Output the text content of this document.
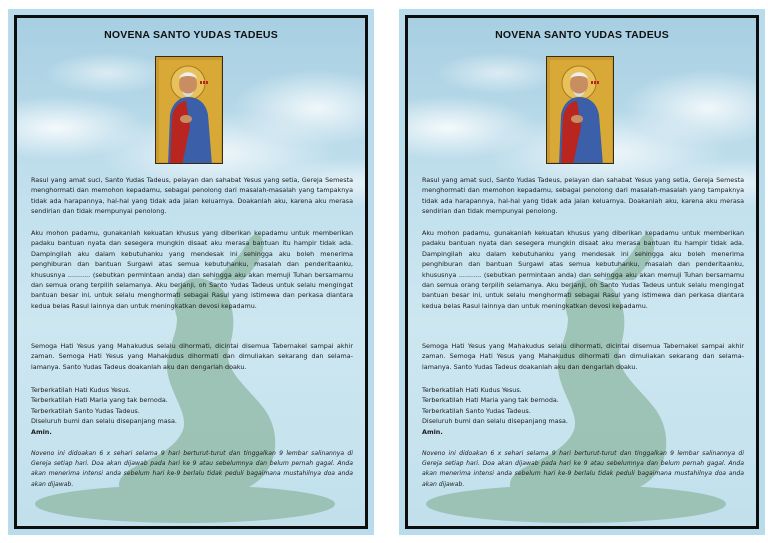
NOVENA SANTO YUDAS TADEUS
Rasul yang amat suci, Santo Yudas Tadeus, pelayan dan sahabat Yesus yang setia, Gereja Semesta menghormati dan memohon kepadamu, sebagai penolong dari masalah-masalah yang tampaknya tidak ada harapannya, hal-hal yang tidak ada jalan keluarnya. Doakanlah aku, karena aku merasa sendirian dan tidak mempunyai penolong.
Aku mohon padamu, gunakanlah kekuatan khusus yang diberikan kepadamu untuk memberikan padaku bantuan nyata dan sesegera mungkin disaat aku merasa bantuan itu hampir tidak ada. Dampingilah aku dalam kebutuhanku yang mendesak ini sehingga aku boleh menerima penghiburan dan bantuan Surgawi atas semua kebutuhanku, masalah dan penderitaanku, khususnya ........... (sebutkan permintaan anda) dan sehingga aku akan memuji Tuhan bersamamu dan semua orang terpilih selamanya. Aku berjanji, oh Santo Yudas Tadeus untuk selalu mengingat bantuan besar ini, untuk selalu menghormati sebagai Rasul yang istimewa dan perkasa diantara kedua belas Rasul lainnya dan untuk meningkatkan devosi kepadamu.
Semoga Hati Yesus yang Mahakudus selalu dihormati, dicintai disemua Tabernakel sampai akhir zaman. Semoga Hati Yesus yang Mahakudus dihormati dan dimuliakan sekarang dan selama-lamanya. Santo Yudas Tadeus doakanlah aku dan dengarlah doaku.
Terberkatilah Hati Kudus Yesus.
Terberkatilah Hati Maria yang tak bernoda.
Terberkatilah Santo Yudas Tadeus.
Diseluruh bumi dan selalu disepanjang masa.
Amin.
Noveno ini didoakan 6 x sehari selama 9 hari berturut-turut dan tinggalkan 9 lembar salinannya di Gereja setiap hari. Doa akan dijawab pada hari ke 9 atau sebelumnya dan belum pernah gagal. Anda akan menerima intensi anda sebelum hari ke-9 berlalu tidak peduli bagaimana mustahilnya doa anda akan dijawab.
NOVENA SANTO YUDAS TADEUS
Rasul yang amat suci, Santo Yudas Tadeus, pelayan dan sahabat Yesus yang setia, Gereja Semesta menghormati dan memohon kepadamu, sebagai penolong dari masalah-masalah yang tampaknya tidak ada harapannya, hal-hal yang tidak ada jalan keluarnya. Doakanlah aku, karena aku merasa sendirian dan tidak mempunyai penolong.
Aku mohon padamu, gunakanlah kekuatan khusus yang diberikan kepadamu untuk memberikan padaku bantuan nyata dan sesegera mungkin disaat aku merasa bantuan itu hampir tidak ada. Dampingilah aku dalam kebutuhanku yang mendesak ini sehingga aku boleh menerima penghiburan dan bantuan Surgawi atas semua kebutuhanku, masalah dan penderitaanku, khususnya ........... (sebutkan permintaan anda) dan sehingga aku akan memuji Tuhan bersamamu dan semua orang terpilih selamanya. Aku berjanji, oh Santo Yudas Tadeus untuk selalu mengingat bantuan besar ini, untuk selalu menghormati sebagai Rasul yang istimewa dan perkasa diantara kedua belas Rasul lainnya dan untuk meningkatkan devosi kepadamu.
Semoga Hati Yesus yang Mahakudus selalu dihormati, dicintai disemua Tabernakel sampai akhir zaman. Semoga Hati Yesus yang Mahakudus dihormati dan dimuliakan sekarang dan selama-lamanya. Santo Yudas Tadeus doakanlah aku dan dengarlah doaku.
Terberkatilah Hati Kudus Yesus.
Terberkatilah Hati Maria yang tak bernoda.
Terberkatilah Santo Yudas Tadeus.
Diseluruh bumi dan selalu disepanjang masa.
Amin.
Noveno ini didoakan 6 x sehari selama 9 hari berturut-turut dan tinggalkan 9 lembar salinannya di Gereja setiap hari. Doa akan dijawab pada hari ke 9 atau sebelumnya dan belum pernah gagal. Anda akan menerima intensi anda sebelum hari ke-9 berlalu tidak peduli bagaimana mustahilnya doa anda akan dijawab.
